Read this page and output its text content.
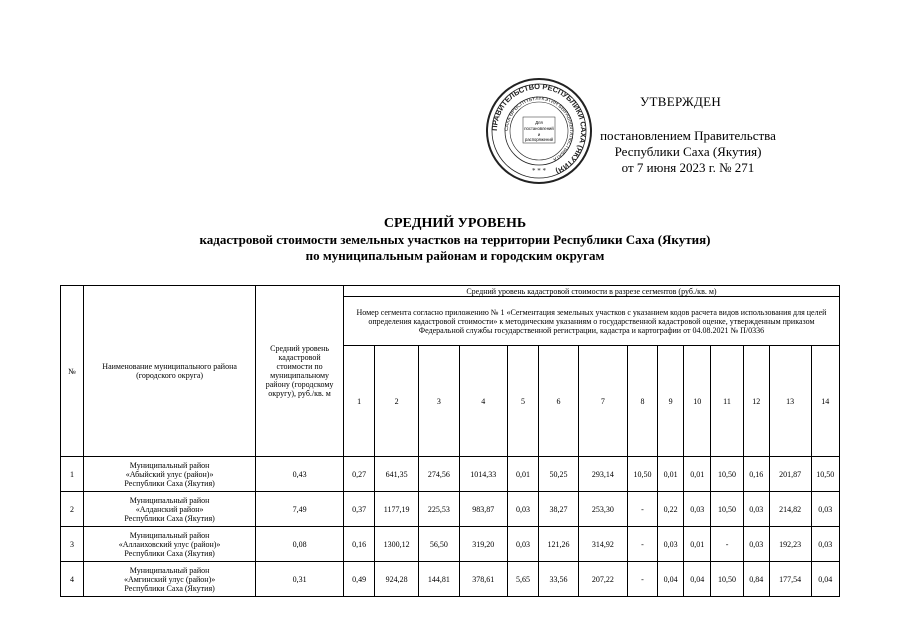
ПРАВИТЕЛЬСТВО РЕСПУБЛИКИ САХА (ЯКУТИЯ)
САХА ӨРӨСПҮҮБҮЛҮКЭТИН БЫРАБЫЫТАЛЬСТЫБАТА
Для
постановлений
и
распоряжений
* * *
УТВЕРЖДЕН
постановлением Правительства
Республики Саха (Якутия)
от 7 июня 2023 г. № 271
СРЕДНИЙ УРОВЕНЬ
кадастровой стоимости земельных участков на территории Республики Саха (Якутия)
по муниципальным районам и городским округам
№	Наименование муниципального района (городского округа)	Средний уровень кадастровой стоимости по муниципальному району (городскому округу), руб./кв. м	Средний уровень кадастровой стоимости в разрезе сегментов (руб./кв. м)													
			Номер сегмента согласно приложению № 1 «Сегментация земельных участков с указанием кодов расчета видов использования для целей определения кадастровой стоимости» к методическим указаниям о государственной кадастровой оценке, утвержденным приказом Федеральной службы государственной регистрации, кадастра и картографии от 04.08.2021 № П/0336													
			1	2	3	4	5	6	7	8	9	10	11	12	13	14
1	Муниципальный район
«Абыйский улус (район)»
Республики Саха (Якутия)	0,43	0,27	641,35	274,56	1014,33	0,01	50,25	293,14	10,50	0,01	0,01	10,50	0,16	201,87	10,50
2	Муниципальный район
«Алданский район»
Республики Саха (Якутия)	7,49	0,37	1177,19	225,53	983,87	0,03	38,27	253,30	-	0,22	0,03	10,50	0,03	214,82	0,03
3	Муниципальный район
«Аллаиховский улус (район)»
Республики Саха (Якутия)	0,08	0,16	1300,12	56,50	319,20	0,03	121,26	314,92	-	0,03	0,01	-	0,03	192,23	0,03
4	Муниципальный район
«Амгинский улус (район)»
Республики Саха (Якутия)	0,31	0,49	924,28	144,81	378,61	5,65	33,56	207,22	-	0,04	0,04	10,50	0,84	177,54	0,04
